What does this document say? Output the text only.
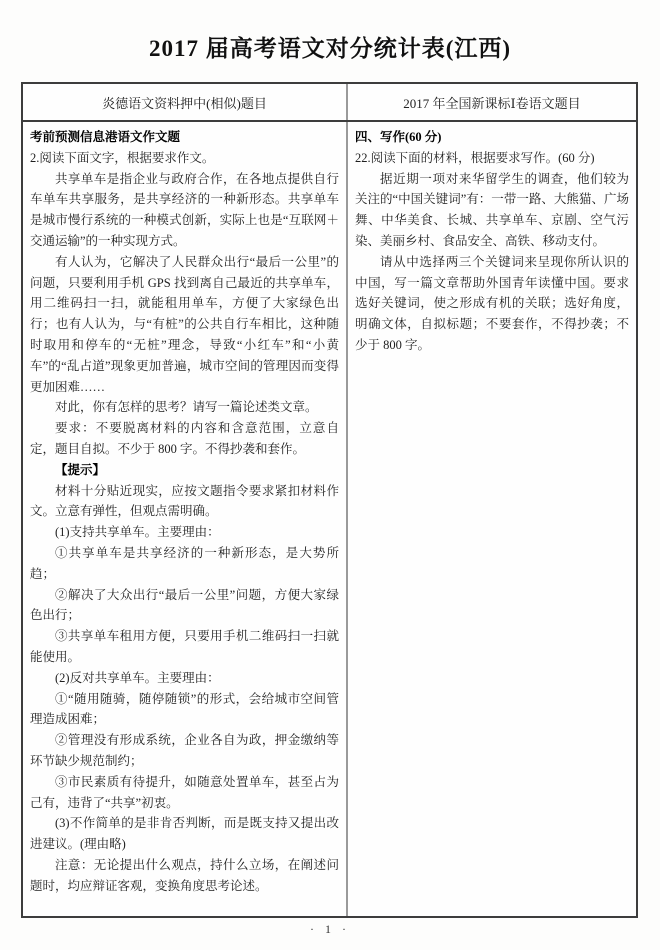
2017 届高考语文对分统计表(江西)
炎德语文资料押中(相似)题目	2017 年全国新课标Ⅰ卷语文题目

考前预测信息港语文作文题

2.阅读下面文字，根据要求作文。

共享单车是指企业与政府合作，在各地点提供自行车单车共享服务，是共享经济的一种新形态。共享单车是城市慢行系统的一种模式创新，实际上也是“互联网＋交通运输”的一种实现方式。

有人认为，它解决了人民群众出行“最后一公里”的问题，只要利用手机 GPS 找到离自己最近的共享单车，用二维码扫一扫，就能租用单车，方便了大家绿色出行；也有人认为，与“有桩”的公共自行车相比，这种随时取用和停车的“无桩”理念，导致“小红车”和“小黄车”的“乱占道”现象更加普遍，城市空间的管理因而变得更加困难……

对此，你有怎样的思考？请写一篇论述类文章。

要求：不要脱离材料的内容和含意范围，立意自定，题目自拟。不少于 800 字。不得抄袭和套作。

【提示】

材料十分贴近现实，应按文题指令要求紧扣材料作文。立意有弹性，但观点需明确。

(1)支持共享单车。主要理由：

①共享单车是共享经济的一种新形态，是大势所趋；

②解决了大众出行“最后一公里”问题，方便大家绿色出行；

③共享单车租用方便，只要用手机二维码扫一扫就能使用。

(2)反对共享单车。主要理由：

①“随用随骑，随停随锁”的形式，会给城市空间管理造成困难；

②管理没有形成系统，企业各自为政，押金缴纳等环节缺少规范制约；

③市民素质有待提升，如随意处置单车，甚至占为己有，违背了“共享”初衷。

(3)不作简单的是非肯否判断，而是既支持又提出改进建议。(理由略)

注意：无论提出什么观点，持什么立场，在阐述问题时，均应辩证客观，变换角度思考论述。

四、写作(60 分)

22.阅读下面的材料，根据要求写作。(60 分)

据近期一项对来华留学生的调查，他们较为关注的“中国关键词”有：一带一路、大熊猫、广场舞、中华美食、长城、共享单车、京剧、空气污染、美丽乡村、食品安全、高铁、移动支付。

请从中选择两三个关键词来呈现你所认识的中国，写一篇文章帮助外国青年读懂中国。要求选好关键词，使之形成有机的关联；选好角度，明确文体，自拟标题；不要套作，不得抄袭；不少于 800 字。

· 1 ·
